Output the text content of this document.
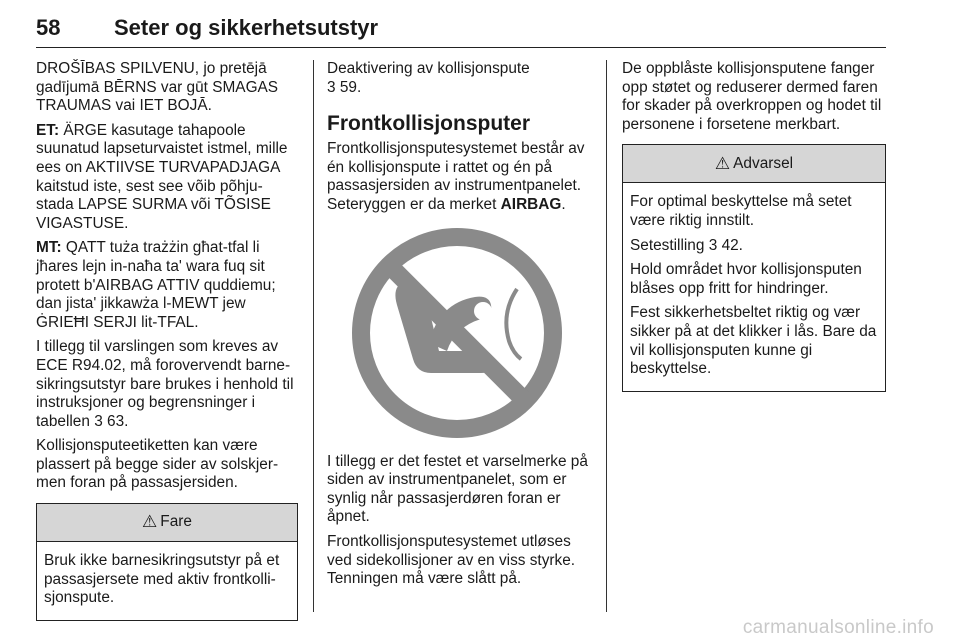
58 Seter og sikkerhetsutstyr

DROŠĪBAS SPILVENU, jo pretējā gadījumā BĒRNS var gūt SMAGAS TRAUMAS vai IET BOJĀ.

ET: ÄRGE kasutage tahapoole suunatud lapseturvaistet istmel, mille ees on AKTIIVSE TURVAPADJAGA kaitstud iste, sest see võib põhju-stada LAPSE SURMA või TÕSISE VIGASTUSE.

MT: QATT tuża trażżin għat-tfal li jħares lejn in-naħa ta' wara fuq sit protett b'AIRBAG ATTIV quddiemu; dan jista' jikkawża l-MEWT jew ĠRIEĦI SERJI lit-TFAL.

I tillegg til varslingen som kreves av ECE R94.02, må forovervendt barne-sikringsutstyr bare brukes i henhold til instruksjoner og begrensninger i tabellen 3 63.

Kollisjonsputeetiketten kan være plassert på begge sider av solskjer-men foran på passasjersiden.

⚠ Fare

Bruk ikke barnesikringsutstyr på et passasjersete med aktiv frontkolli-sjonspute.

Deaktivering av kollisjonspute
3 59.

Frontkollisjonsputer

Frontkollisjonsputesystemet består av én kollisjonspute i rattet og én på passasjersiden av instrumentpanelet. Seteryggen er da merket AIRBAG.

I tillegg er det festet et varselmerke på siden av instrumentpanelet, som er synlig når passasjerdøren foran er åpnet.

Frontkollisjonsputesystemet utløses ved sidekollisjoner av en viss styrke. Tenningen må være slått på.

De oppblåste kollisjonsputene fanger opp støtet og reduserer dermed faren for skader på overkroppen og hodet til personene i forsetene merkbart.

⚠ Advarsel

For optimal beskyttelse må setet være riktig innstilt.

Setestilling 3 42.

Hold området hvor kollisjonsputen blåses opp fritt for hindringer.

Fest sikkerhetsbeltet riktig og vær sikker på at det klikker i lås. Bare da vil kollisjonsputen kunne gi beskyttelse.

carmanualsonline.info
